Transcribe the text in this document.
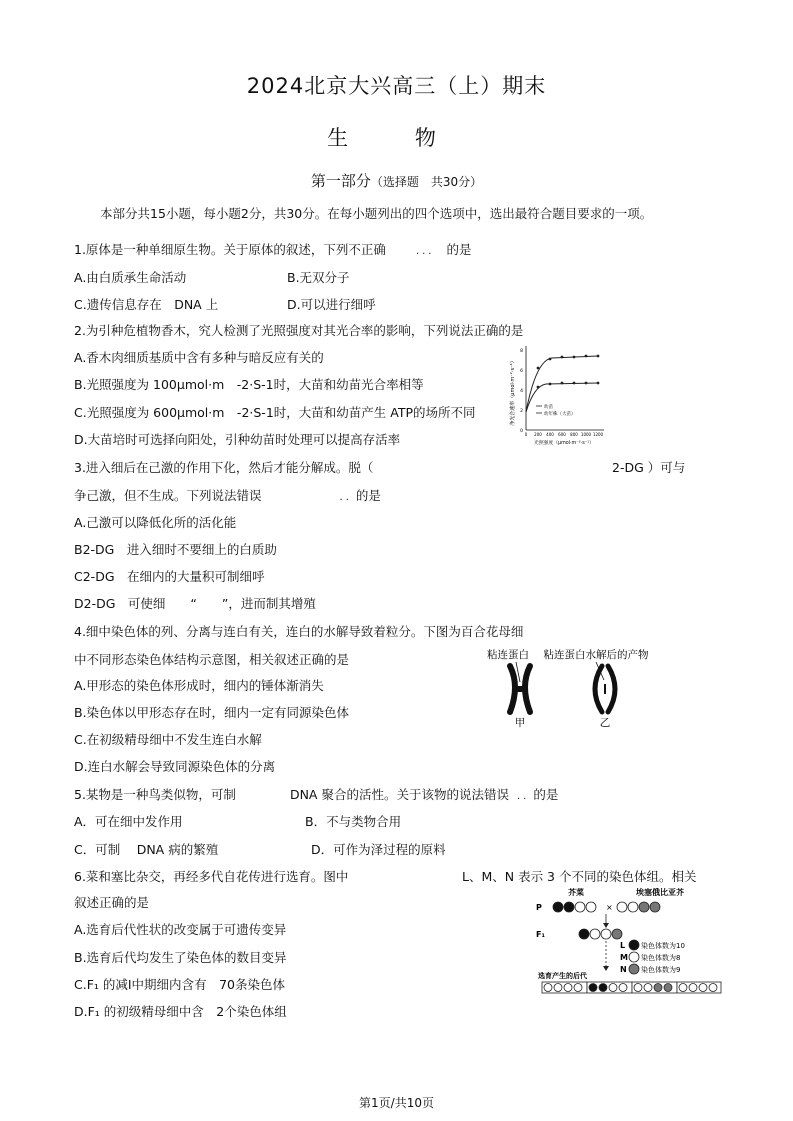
2024北京大兴高三（上）期末
生 物
第一部分（选择题　共30分）
本部分共15小题，每小题2分，共30分。在每小题列出的四个选项中，选出最符合题目要求的一项。
1.原体是一种单细原生物。关于原体的叙述，下列不正确	... 的是
A.由白质承生命活动	B.无双分子
C.遗传信息存在　DNA 上	D.可以进行细呼
2.为引种危植物香木，究人检测了光照强度对其光合率的影响，下列说法正确的是
A.香木肉细质基质中含有多种与暗反应有关的
B.光照强度为 100μmol·m　-2·S-1时，大苗和幼苗光合率相等
C.光照强度为 600μmol·m　-2·S-1时，大苗和幼苗产生 ATP的场所不同
D.大苗培时可选择向阳处，引种幼苗时处理可以提高存活率
净光合速率（μmol·m⁻²·s⁻¹）
0
2
4
6
8
0 200 400 600 800 1000 1200
幼苗
幼年株（大苗）
光照强度（μmol·m⁻²·s⁻¹）
3.进入细后在己激的作用下化，然后才能分解成。脱（	2-DG ）可与
争己激，但不生成。下列说法错误	.. 的是
A.己激可以降低化所的活化能
B2-DG　进入细时不要细上的白质助
C2-DG　在细内的大量积可制细呼
D2-DG　可使细　　“　　”，进而制其增殖
4.细中染色体的列、分离与连白有关，连白的水解导致着粒分。下图为百合花母细
中不同形态染色体结构示意图，相关叙述正确的是
A.甲形态的染色体形成时，细内的锤体渐消失
B.染色体以甲形态存在时，细内一定有同源染色体
C.在初级精母细中不发生连白水解
D.连白水解会导致同源染色体的分离
粘连蛋白 粘连蛋白水解后的产物
甲	乙
5.某物是一种鸟类似物，可制	DNA 聚合的活性。关于该物的说法错误 .. 的是
A．可在细中发作用	B．不与类物合用
C．可制　 DNA 病的繁殖	D．可作为泽过程的原料
6.菜和塞比杂交，再经多代自花传进行选育。图中	L、M、N 表示 3 个不同的染色体组。相关
叙述正确的是
A.选育后代性状的改变属于可遗传变异
B.选育后代均发生了染色体的数目变异
C.F₁ 的减Ⅰ中期细内含有　70条染色体
D.F₁ 的初级精母细中含　2个染色体组
芥菜	埃塞俄比亚芥
P	×
F₁
L 染色体数为10
M 染色体数为8
N 染色体数为9
选育产生的后代
第1页/共10页
